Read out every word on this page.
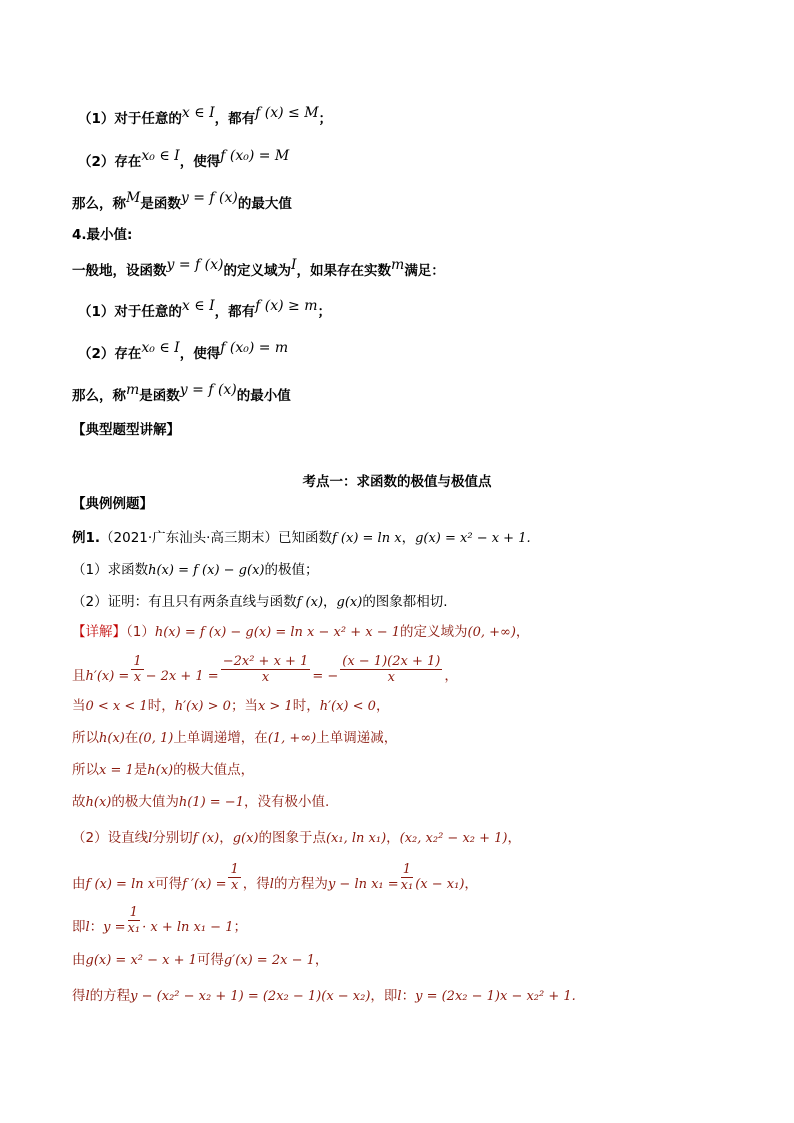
（1）对于任意的x ∈ I，都有f (x) ≤ M；
（2）存在x₀ ∈ I，使得f (x₀) = M
那么，称M是函数y = f (x)的最大值
4.最小值:
一般地，设函数y = f (x)的定义域为I，如果存在实数m满足：
（1）对于任意的x ∈ I，都有f (x) ≥ m；
（2）存在x₀ ∈ I，使得f (x₀) = m
那么，称m是函数y = f (x)的最小值
【典型题型讲解】
考点一：求函数的极值与极值点
【典例例题】
例1.（2021·广东汕头·高三期末）已知函数f (x) = ln x，g(x) = x² − x + 1.
（1）求函数h(x) = f (x) − g(x)的极值；
（2）证明：有且只有两条直线与函数f (x)，g(x)的图象都相切.
【详解】（1）h(x) = f (x) − g(x) = ln x − x² + x − 1的定义域为(0, +∞)，
且$h'(x) = \frac{1}{x} - 2x + 1 = \frac{\text{−2x² + x + 1}}{x}$ = − $\frac{(x - 1)(2x + 1)}{x}$ ，
当0 < x < 1时，h′(x) > 0；当x > 1时，h′(x) < 0，
所以h(x)在(0, 1)上单调递增，在(1, +∞)上单调递减，
所以x = 1是h(x)的极大值点，
故h(x)的极大值为h(1) = −1，没有极小值.
（2）设直线l分别切f (x)，g(x)的图象于点(x₁, ln x₁)，(x₂, x₂² − x₂ + 1)，
由f (x) = ln x可得f $'(x) = \frac{1}{x}$ ，得l的方程为$y - \ln x_1 = \frac{1}{\text{x₁}} (x - x_1)$，
即l：$y = \frac{1}{\text{x₁}} \cdot x + \ln x_1 - 1$；
由g(x) = x² − x + 1可得g′(x) = 2x − 1，
得l的方程y − (x₂² − x₂ + 1) = (2x₂ − 1)(x − x₂)，即l：y = (2x₂ − 1)x − x₂² + 1.
